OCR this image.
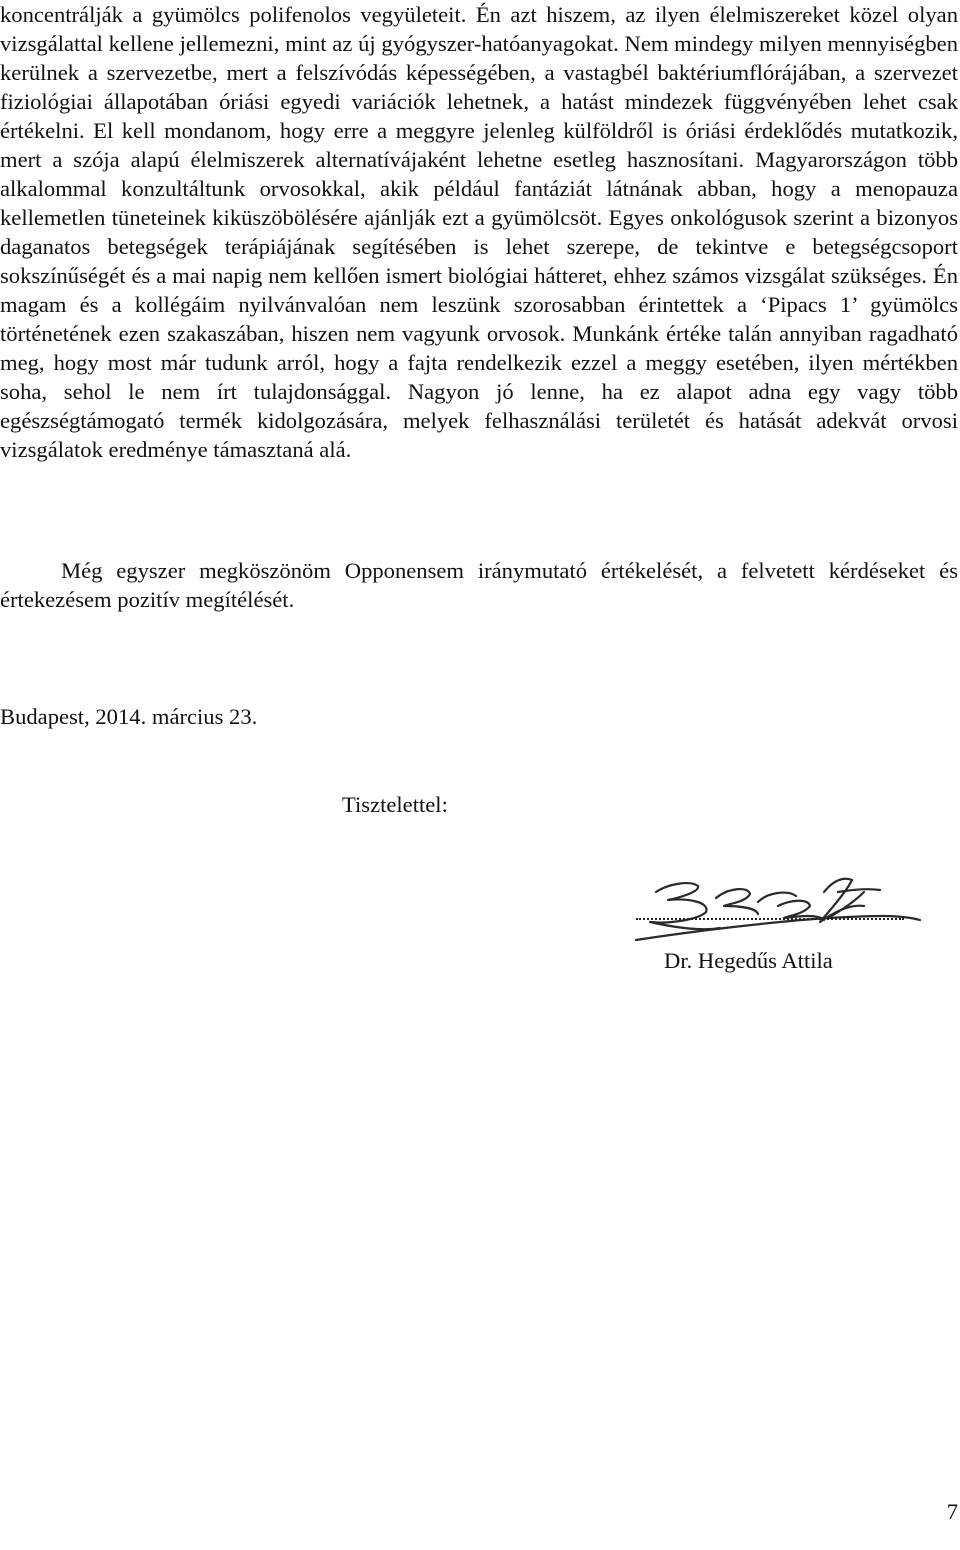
koncentrálják a gyümölcs polifenolos vegyületeit. Én azt hiszem, az ilyen élelmiszereket közel olyan vizsgálattal kellene jellemezni, mint az új gyógyszer-hatóanyagokat. Nem mindegy milyen mennyiségben kerülnek a szervezetbe, mert a felszívódás képességében, a vastagbél baktériumflórájában, a szervezet fiziológiai állapotában óriási egyedi variációk lehetnek, a hatást mindezek függvényében lehet csak értékelni. El kell mondanom, hogy erre a meggyre jelenleg külföldről is óriási érdeklődés mutatkozik, mert a szója alapú élelmiszerek alternatívájaként lehetne esetleg hasznosítani. Magyarországon több alkalommal konzultáltunk orvosokkal, akik például fantáziát látnának abban, hogy a menopauza kellemetlen tüneteinek kiküszöbölésére ajánlják ezt a gyümölcsöt. Egyes onkológusok szerint a bizonyos daganatos betegségek terápiájának segítésében is lehet szerepe, de tekintve e betegségcsoport sokszínűségét és a mai napig nem kellően ismert biológiai hátteret, ehhez számos vizsgálat szükséges. Én magam és a kollégáim nyilvánvalóan nem leszünk szorosabban érintettek a ‘Pipacs 1’ gyümölcs történetének ezen szakaszában, hiszen nem vagyunk orvosok. Munkánk értéke talán annyiban ragadható meg, hogy most már tudunk arról, hogy a fajta rendelkezik ezzel a meggy esetében, ilyen mértékben soha, sehol le nem írt tulajdonsággal. Nagyon jó lenne, ha ez alapot adna egy vagy több egészségtámogató termék kidolgozására, melyek felhasználási területét és hatását adekvát orvosi vizsgálatok eredménye támasztaná alá.

Még egyszer megköszönöm Opponensem iránymutató értékelését, a felvetett kérdéseket és értekezésem pozitív megítélését.

Budapest, 2014. március 23.

Tisztelettel:

Dr. Hegedűs Attila

7
